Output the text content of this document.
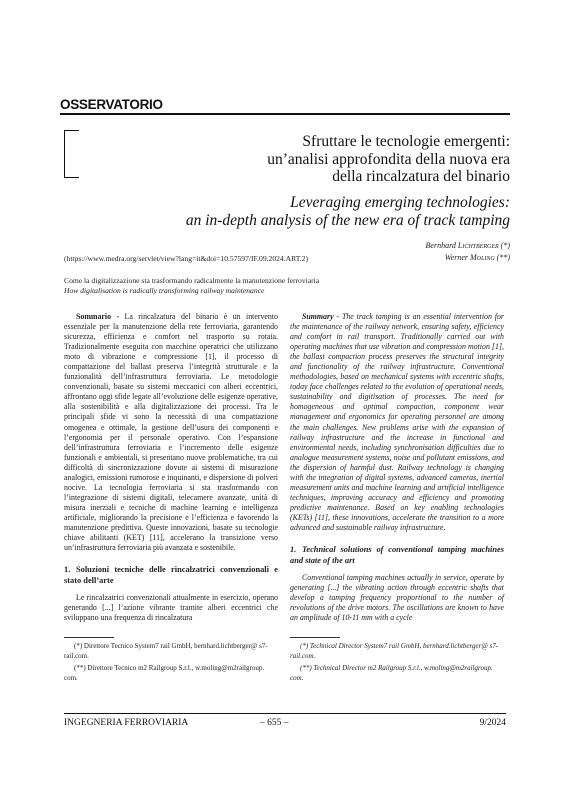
OSSERVATORIO
Sfruttare le tecnologie emergenti:
un’analisi approfondita della nuova era
della rincalzatura del binario
Leveraging emerging technologies:
an in-depth analysis of the new era of track tamping
Bernhard Lichtberger (*)
Werner Moling (**)
(https://www.medra.org/servlet/view?lang=it&doi=10.57597/IF.09.2024.ART.2)
Come la digitalizzazione sta trasformando radicalmente la manutenzione ferroviaria
How digitalisation is radically transforming railway maintenance

Sommario - La rincalzatura del binario è un intervento essenziale per la manutenzione della rete ferroviaria, garantendo sicurezza, efficienza e comfort nel trasporto su rotaia. Tradizionalmente eseguita con macchine operatrici che utilizzano moto di vibrazione e compressione [1], il processo di compattazione del ballast preserva l’integrità strutturale e la funzionalità dell’infrastruttura ferroviaria. Le metodologie convenzionali, basate su sistemi meccanici con alberi eccentrici, affrontano oggi sfide legate all’evoluzione delle esigenze operative, alla sostenibilità e alla digitalizzazione dei processi. Tra le principali sfide vi sono la necessità di una compattazione omogenea e ottimale, la gestione dell’usura dei componenti e l’ergonomia per il personale operativo. Con l’espansione dell’infrastruttura ferroviaria e l’incremento delle esigenze funzionali e ambientali, si presentano nuove problematiche, tra cui difficoltà di sincronizzazione dovute ai sistemi di misurazione analogici, emissioni rumorose e inquinanti, e dispersione di polveri nocive. La tecnologia ferroviaria si sta trasformando con l’integrazione di sistemi digitali, telecamere avanzate, unità di misura inerziali e tecniche di machine learning e intelligenza artificiale, migliorando la precisione e l’efficienza e favorendo la manutenzione predittiva. Queste innovazioni, basate su tecnologie chiave abilitanti (KET) [11], accelerano la transizione verso un’infrastruttura ferroviaria più avanzata e sostenibile.

1. Soluzioni tecniche delle rincalzatrici convenzionali e stato dell’arte

Le rincalzatrici convenzionali attualmente in esercizio, operano generando [...] l’azione vibrante tramite alberi eccentrici che sviluppano una frequenza di rincalzatura

Summary - The track tamping is an essential intervention for the maintenance of the railway network, ensuring safety, efficiency and comfort in rail transport. Traditionally carried out with operating machines that use vibration and compression motion [1], the ballast compaction process preserves the structural integrity and functionality of the railway infrastructure. Conventional methodologies, based on mechanical systems with eccentric shafts, today face challenges related to the evolution of operational needs, sustainability and digitisation of processes. The need for homogeneous and optimal compaction, component wear management and ergonomics for operating personnel are among the main challenges. New problems arise with the expansion of railway infrastructure and the increase in functional and environmental needs, including synchronisation difficulties due to analogue measurement systems, noise and pollutant emissions, and the dispersion of harmful dust. Railway technology is changing with the integration of digital systems, advanced cameras, inertial measurement units and machine learning and artificial intelligence techniques, improving accuracy and efficiency and promoting predictive maintenance. Based on key enabling technologies (KETs) [11], these innovations, accelerate the transition to a more advanced and sustainable railway infrastructure.

1. Technical solutions of conventional tamping machines and state of the art

Conventional tamping machines actually in service, operate by generating [...] the vibrating action through eccentric shafts that develop a tamping frequency proportional to the number of revolutions of the drive motors. The oscillations are known to have an amplitude of 10-11 mm with a cycle

(*) Direttore Tecnico System7 rail GmbH, bernhard.lichtberger@ s7-rail.com.

(**) Direttore Tecnico m2 Railgroup S.r.l., w.moling@m2railgroup. com.

(*) Technical Director System7 rail GmbH, bernhard.lichtberger@ s7-rail.com.

(**) Technical Director m2 Railgroup S.r.l., w.moling@m2railgroup. com.

INGEGNERIA FERROVIARIA	– 655 –	9/2024
